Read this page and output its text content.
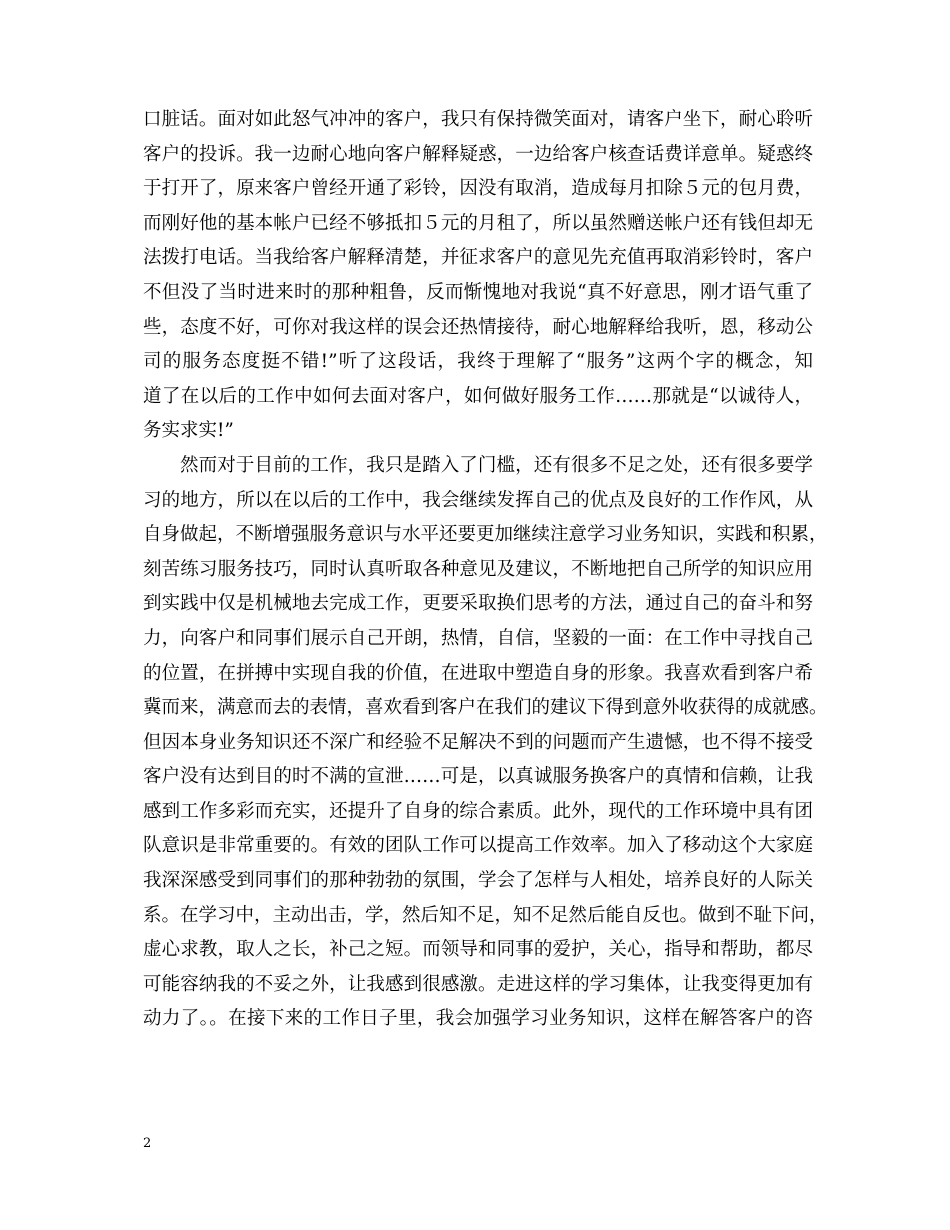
口脏话。面对如此怒气冲冲的客户，我只有保持微笑面对，请客户坐下，耐心聆听
客户的投诉。我一边耐心地向客户解释疑惑，一边给客户核查话费详意单。疑惑终
于打开了，原来客户曾经开通了彩铃，因没有取消，造成每月扣除５元的包月费，
而刚好他的基本帐户已经不够抵扣５元的月租了，所以虽然赠送帐户还有钱但却无
法拨打电话。当我给客户解释清楚，并征求客户的意见先充值再取消彩铃时，客户
不但没了当时进来时的那种粗鲁，反而惭愧地对我说“真不好意思，刚才语气重了
些，态度不好，可你对我这样的误会还热情接待，耐心地解释给我听，恩，移动公
司的服务态度挺不错!”听了这段话，我终于理解了“服务”这两个字的概念，知
道了在以后的工作中如何去面对客户，如何做好服务工作……那就是“以诚待人，
务实求实!”
然而对于目前的工作，我只是踏入了门槛，还有很多不足之处，还有很多要学
习的地方，所以在以后的工作中，我会继续发挥自己的优点及良好的工作作风，从
自身做起，不断增强服务意识与水平还要更加继续注意学习业务知识，实践和积累，
刻苦练习服务技巧，同时认真听取各种意见及建议，不断地把自己所学的知识应用
到实践中仅是机械地去完成工作，更要采取换们思考的方法，通过自己的奋斗和努
力，向客户和同事们展示自己开朗，热情，自信，坚毅的一面：在工作中寻找自己
的位置，在拼搏中实现自我的价值，在进取中塑造自身的形象。我喜欢看到客户希
冀而来，满意而去的表情，喜欢看到客户在我们的建议下得到意外收获得的成就感。
但因本身业务知识还不深广和经验不足解决不到的问题而产生遗憾，也不得不接受
客户没有达到目的时不满的宣泄……可是，以真诚服务换客户的真情和信赖，让我
感到工作多彩而充实，还提升了自身的综合素质。此外，现代的工作环境中具有团
队意识是非常重要的。有效的团队工作可以提高工作效率。加入了移动这个大家庭
我深深感受到同事们的那种勃勃的氛围，学会了怎样与人相处，培养良好的人际关
系。在学习中，主动出击，学，然后知不足，知不足然后能自反也。做到不耻下问，
虚心求教，取人之长，补己之短。而领导和同事的爱护，关心，指导和帮助，都尽
可能容纳我的不妥之外，让我感到很感激。走进这样的学习集体，让我变得更加有
动力了。。在接下来的工作日子里，我会加强学习业务知识，这样在解答客户的咨
2
